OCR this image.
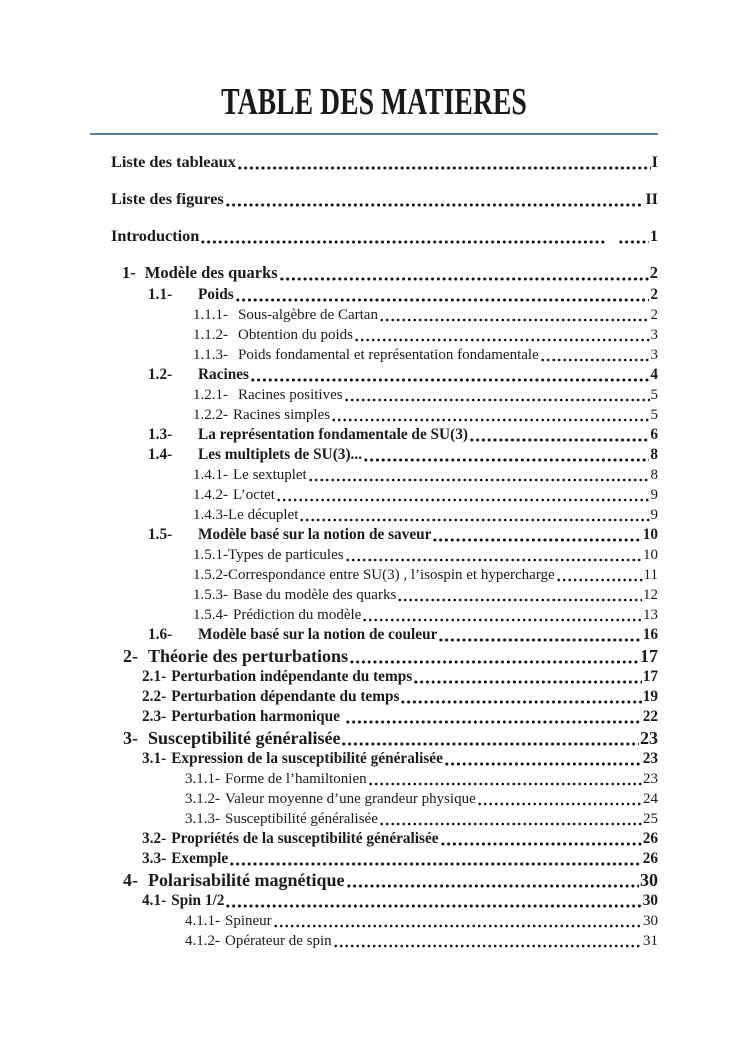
TABLE DES MATIERES
Liste des tableaux	I
Liste des figures	II
Introduction	1
1- Modèle des quarks	2
1.1-	Poids	2
1.1.1- Sous-algèbre de Cartan	2
1.1.2- Obtention du poids	3
1.1.3- Poids fondamental et représentation fondamentale	3
1.2-	Racines	4
1.2.1- Racines positives	5
1.2.2- Racines simples	5
1.3-	La représentation fondamentale de SU(3)	6
1.4-	Les multiplets de SU(3)...	8
1.4.1- Le sextuplet	8
1.4.2- L’octet	9
1.4.3- Le décuplet	9
1.5-	Modèle basé sur la notion de saveur	10
1.5.1- Types de particules	10
1.5.2- Correspondance entre SU(3) , l’isospin et hypercharge	11
1.5.3- Base du modèle des quarks	12
1.5.4- Prédiction du modèle	13
1.6-	Modèle basé sur la notion de couleur	16
2- Théorie des perturbations	17
2.1- Perturbation indépendante du temps	17
2.2- Perturbation dépendante du temps	19
2.3- Perturbation harmonique	22
3- Susceptibilité généralisée	23
3.1- Expression de la susceptibilité généralisée	23
3.1.1- Forme de l’hamiltonien	23
3.1.2- Valeur moyenne d’une grandeur physique	24
3.1.3- Susceptibilité généralisée	25
3.2- Propriétés de la susceptibilité généralisée	26
3.3- Exemple	26
4- Polarisabilité magnétique	30
4.1- Spin 1/2	30
4.1.1- Spineur	30
4.1.2- Opérateur de spin	31
